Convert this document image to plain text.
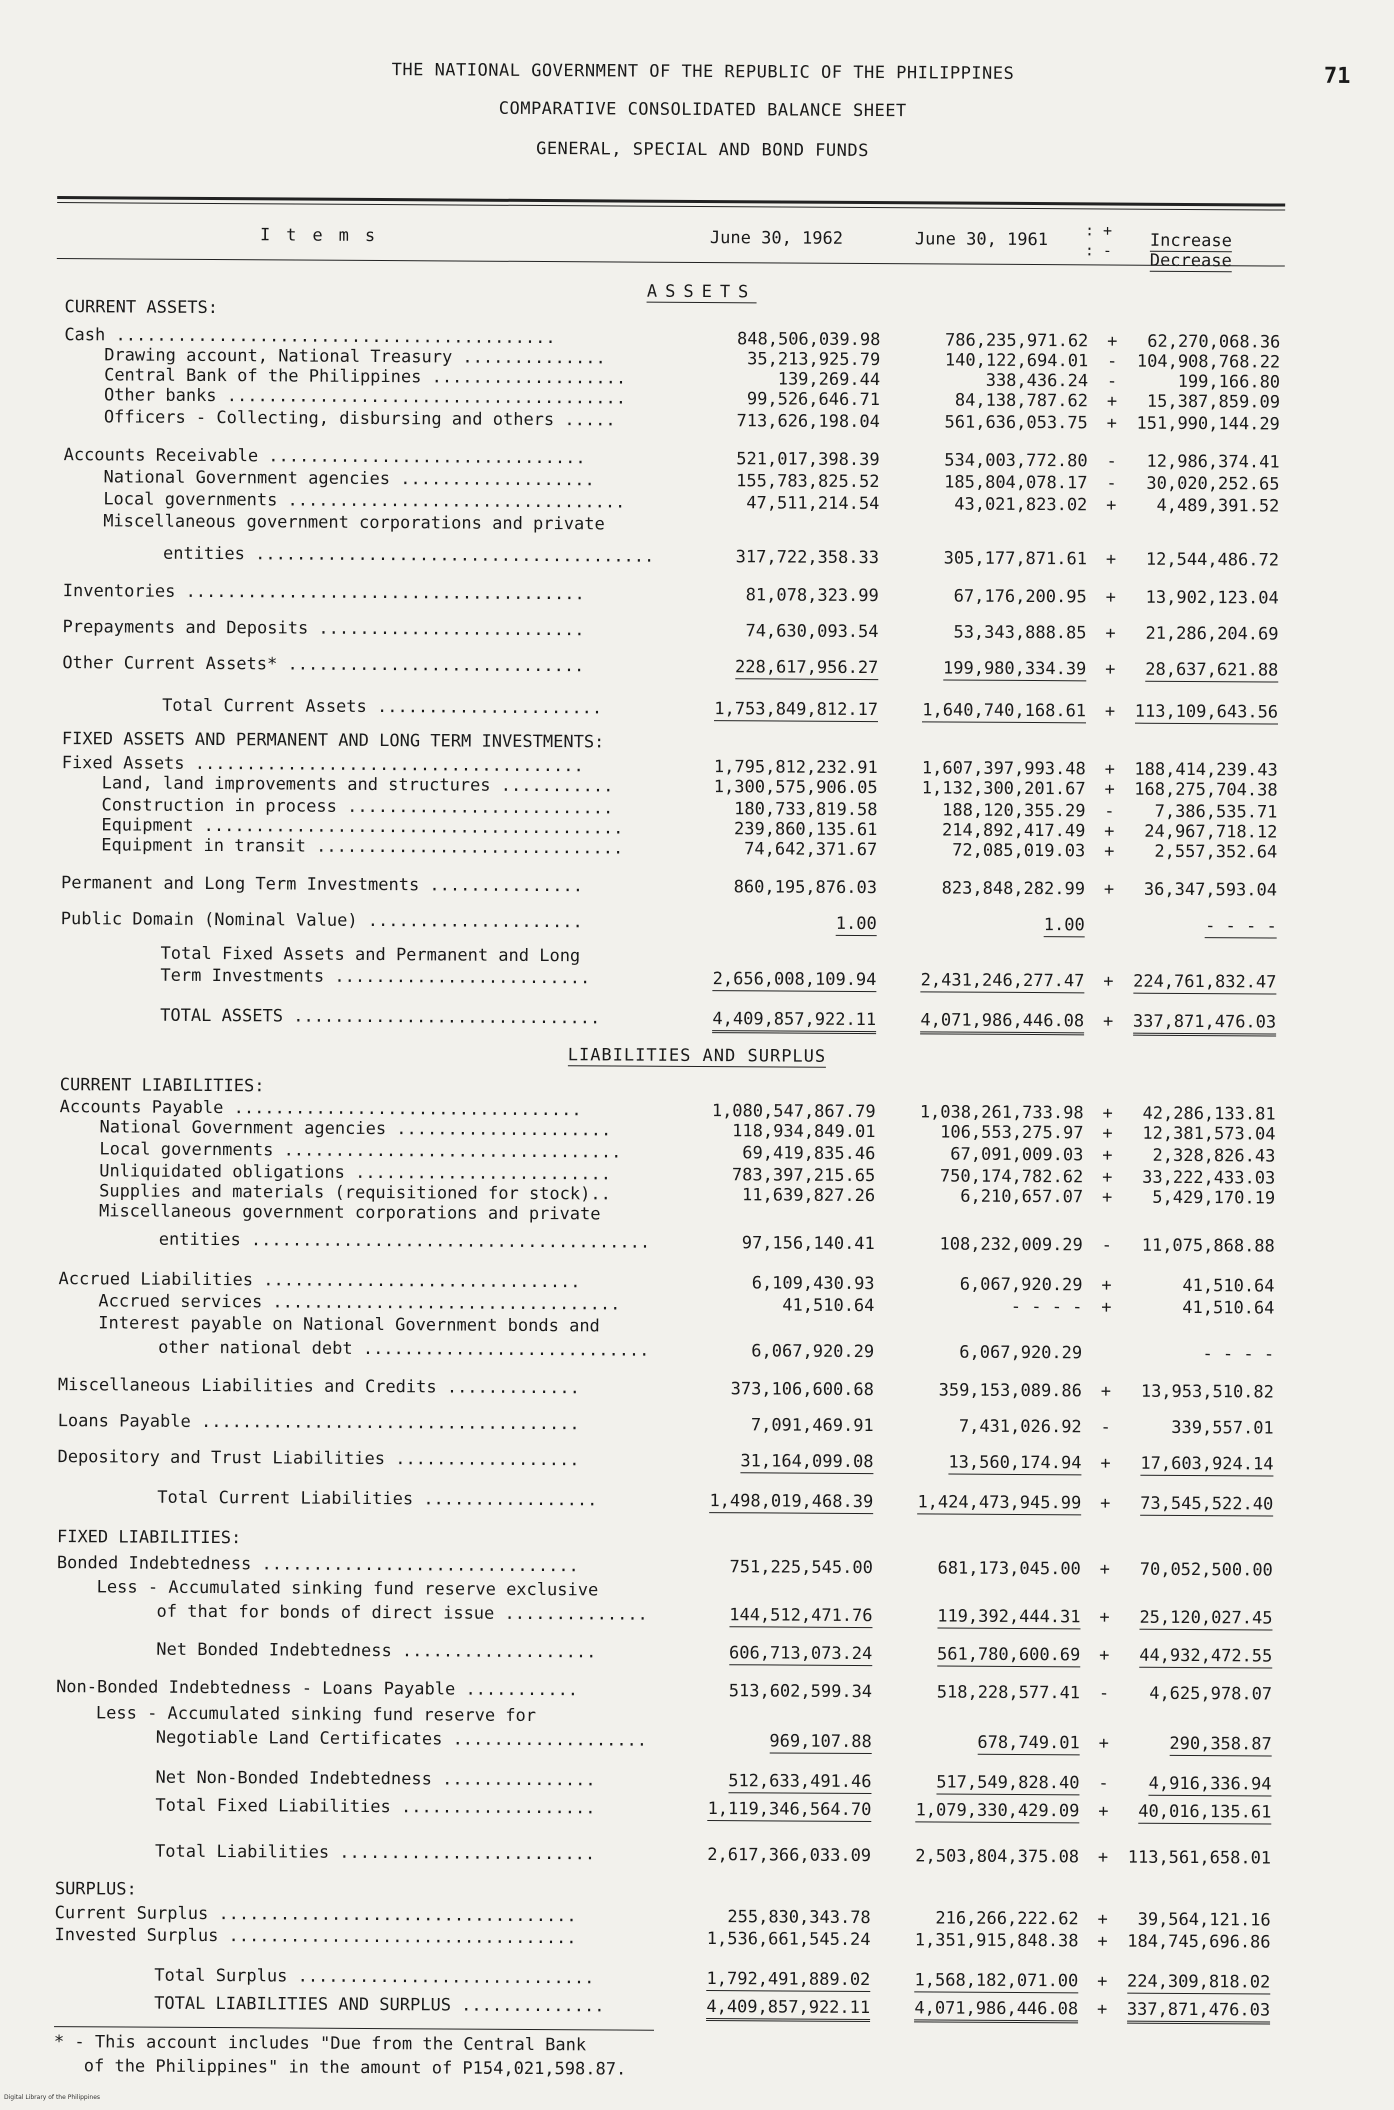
71
THE NATIONAL GOVERNMENT OF THE REPUBLIC OF THE PHILIPPINES
COMPARATIVE CONSOLIDATED BALANCE SHEET
GENERAL, SPECIAL AND BOND FUNDS
Items	June 30, 1962	June 30, 1961	Increase
Decrease
: +
: -
ASSETS
LIABILITIES AND SURPLUS
CURRENT ASSETS:
Cash ...........................................	848,506,039.98	786,235,971.62 + 62,270,068.36
Drawing account, National Treasury ..............	35,213,925.79	140,122,694.01 - 104,908,768.22
Central Bank of the Philippines ...................	139,269.44	338,436.24 -	199,166.80
Other banks .......................................	99,526,646.71	84,138,787.62 + 15,387,859.09
Officers - Collecting, disbursing and others .....	713,626,198.04	561,636,053.75 + 151,990,144.29
Accounts Receivable ...............................	521,017,398.39	534,003,772.80 - 12,986,374.41
National Government agencies ...................	155,783,825.52	185,804,078.17 - 30,020,252.65
Local governments .................................	47,511,214.54	43,021,823.02 + 4,489,391.52
Miscellaneous government corporations and private
entities .......................................	317,722,358.33	305,177,871.61 + 12,544,486.72
Inventories .......................................	81,078,323.99	67,176,200.95 + 13,902,123.04
Prepayments and Deposits ..........................	74,630,093.54	53,343,888.85 + 21,286,204.69
Other Current Assets* .............................	228,617,956.27	199,980,334.39 + 28,637,621.88
Total Current Assets ......................	1,753,849,812.17	1,640,740,168.61 + 113,109,643.56
FIXED ASSETS AND PERMANENT AND LONG TERM INVESTMENTS:
Fixed Assets ......................................	1,795,812,232.91	1,607,397,993.48 + 188,414,239.43
Land, land improvements and structures ...........	1,300,575,906.05	1,132,300,201.67 + 168,275,704.38
Construction in process ..........................	180,733,819.58	188,120,355.29 - 7,386,535.71
Equipment .........................................	239,860,135.61	214,892,417.49 + 24,967,718.12
Equipment in transit ..............................	74,642,371.67	72,085,019.03 + 2,557,352.64
Permanent and Long Term Investments ...............	860,195,876.03	823,848,282.99 + 36,347,593.04
Public Domain (Nominal Value) .....................	1.00	1.00	- - - -
Total Fixed Assets and Permanent and Long
Term Investments .........................	2,656,008,109.94	2,431,246,277.47 + 224,761,832.47
TOTAL ASSETS ..............................	4,409,857,922.11	4,071,986,446.08 + 337,871,476.03
CURRENT LIABILITIES:
Accounts Payable ..................................	1,080,547,867.79	1,038,261,733.98 + 42,286,133.81
National Government agencies .....................	118,934,849.01	106,553,275.97 + 12,381,573.04
Local governments .................................	69,419,835.46	67,091,009.03 + 2,328,826.43
Unliquidated obligations .........................	783,397,215.65	750,174,782.62 + 33,222,433.03
Supplies and materials (requisitioned for stock)..	11,639,827.26	6,210,657.07 + 5,429,170.19
Miscellaneous government corporations and private
entities .......................................	97,156,140.41	108,232,009.29 - 11,075,868.88
Accrued Liabilities ...............................	6,109,430.93	6,067,920.29 +	41,510.64
Accrued services ..................................	41,510.64	- - - - +	41,510.64
Interest payable on National Government bonds and
other national debt ............................	6,067,920.29	6,067,920.29	- - - -
Miscellaneous Liabilities and Credits .............	373,106,600.68	359,153,089.86 + 13,953,510.82
Loans Payable .....................................	7,091,469.91	7,431,026.92 -	339,557.01
Depository and Trust Liabilities ..................	31,164,099.08	13,560,174.94 + 17,603,924.14
Total Current Liabilities .................	1,498,019,468.39	1,424,473,945.99 + 73,545,522.40
FIXED LIABILITIES:
Bonded Indebtedness ...............................	751,225,545.00	681,173,045.00 + 70,052,500.00
Less - Accumulated sinking fund reserve exclusive
of that for bonds of direct issue ..............	144,512,471.76	119,392,444.31 + 25,120,027.45
Net Bonded Indebtedness ...................	606,713,073.24	561,780,600.69 + 44,932,472.55
Non-Bonded Indebtedness - Loans Payable ...........	513,602,599.34	518,228,577.41 - 4,625,978.07
Less - Accumulated sinking fund reserve for
Negotiable Land Certificates ...................	969,107.88	678,749.01 +	290,358.87
Net Non-Bonded Indebtedness ...............	512,633,491.46	517,549,828.40 - 4,916,336.94
Total Fixed Liabilities ...................	1,119,346,564.70	1,079,330,429.09 + 40,016,135.61
Total Liabilities .........................	2,617,366,033.09	2,503,804,375.08 + 113,561,658.01
SURPLUS:
Current Surplus ...................................	255,830,343.78	216,266,222.62 + 39,564,121.16
Invested Surplus ..................................	1,536,661,545.24	1,351,915,848.38 + 184,745,696.86
Total Surplus .............................	1,792,491,889.02	1,568,182,071.00 + 224,309,818.02
TOTAL LIABILITIES AND SURPLUS ..............	4,409,857,922.11	4,071,986,446.08 + 337,871,476.03
* - This account includes "Due from the Central Bank
of the Philippines" in the amount of P154,021,598.87.
Digital Library of the Philippines
